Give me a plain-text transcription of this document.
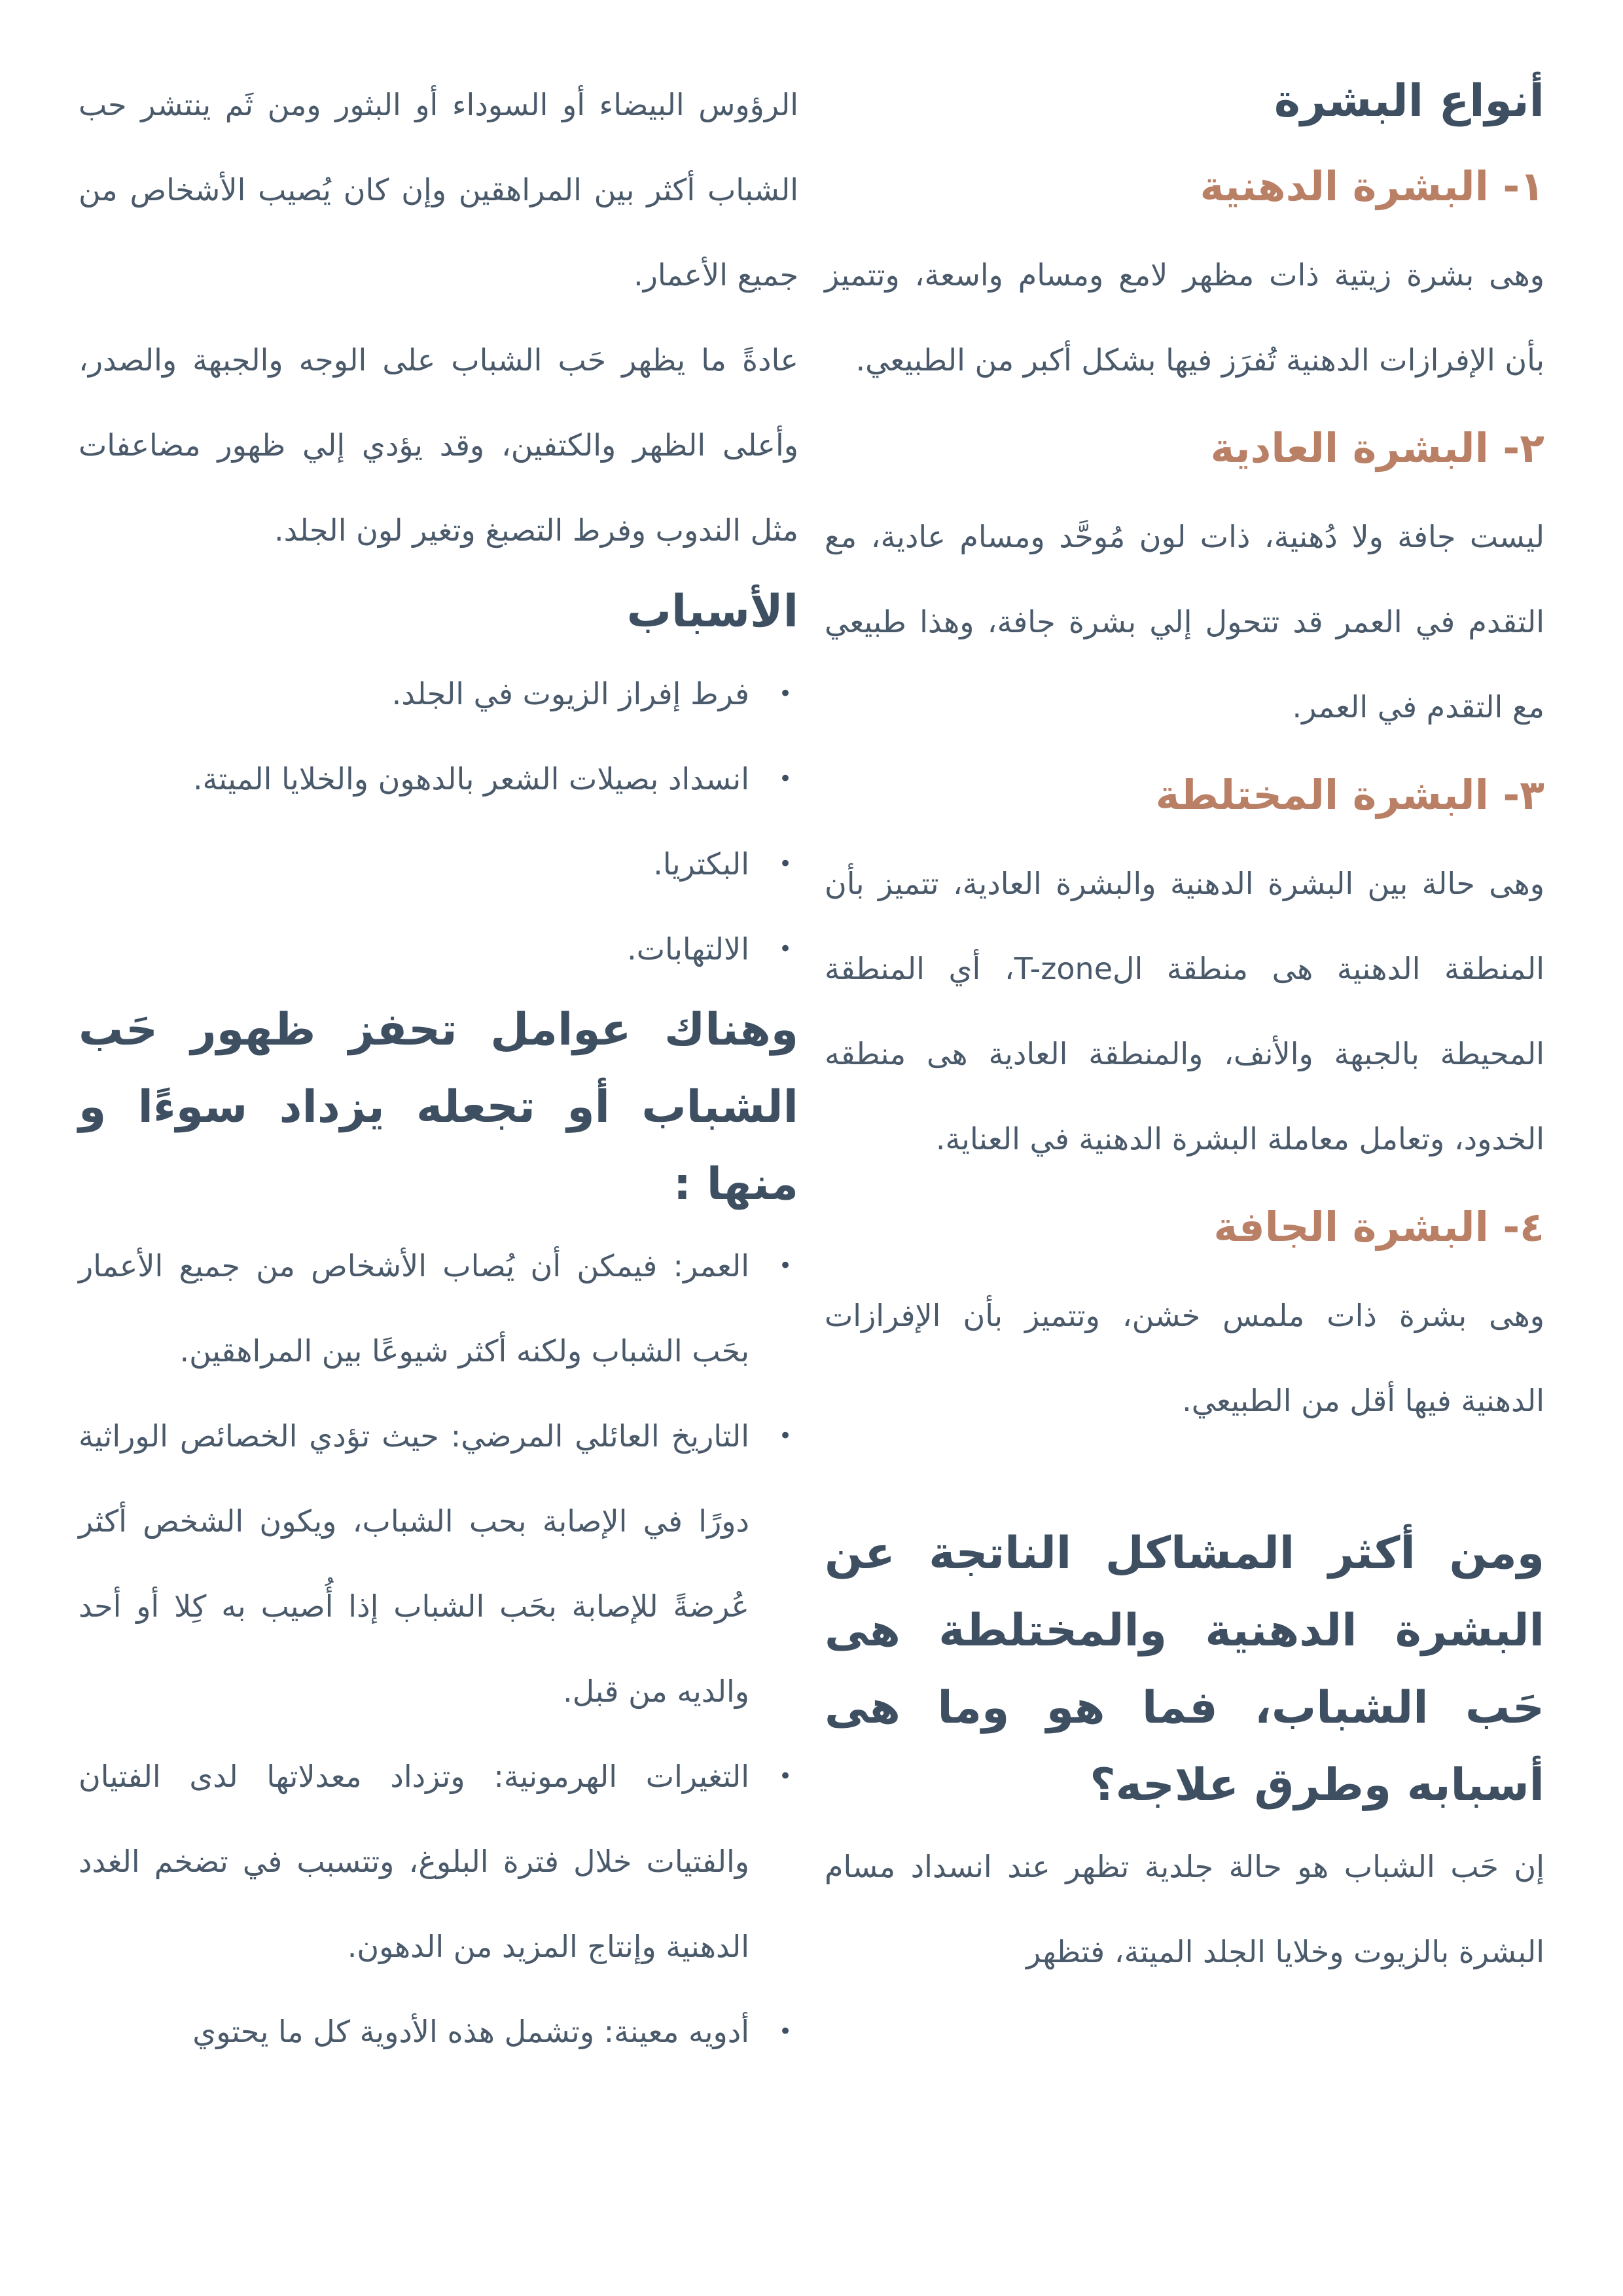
أنواع البشرة
١- البشرة الدهنية

وهى بشرة زيتية ذات مظهر لامع ومسام واسعة، وتتميز بأن الإفرازات الدهنية تُفرَز فيها بشكل أكبر من الطبيعي.

٢- البشرة العادية

ليست جافة ولا دُهنية، ذات لون مُوحَّد ومسام عادية، مع التقدم في العمر قد تتحول إلي بشرة جافة، وهذا طبيعي مع التقدم في العمر.

٣- البشرة المختلطة

وهى حالة بين البشرة الدهنية والبشرة العادية، تتميز بأن المنطقة الدهنية هى منطقة الT-zone، أي المنطقة المحيطة بالجبهة والأنف، والمنطقة العادية هى منطقه الخدود، وتعامل معاملة البشرة الدهنية في العناية.

٤- البشرة الجافة

وهى بشرة ذات ملمس خشن، وتتميز بأن الإفرازات الدهنية فيها أقل من الطبيعي.

ومن أكثر المشاكل الناتجة عن البشرة الدهنية والمختلطة هى حَب الشباب، فما هو وما هى أسبابه وطرق علاجه؟

إن حَب الشباب هو حالة جلدية تظهر عند انسداد مسام البشرة بالزيوت وخلايا الجلد الميتة، فتظهر

الرؤوس البيضاء أو السوداء أو البثور ومن ثَم ينتشر حب الشباب أكثر بين المراهقين وإن كان يُصيب الأشخاص من جميع الأعمار.

عادةً ما يظهر حَب الشباب على الوجه والجبهة والصدر، وأعلى الظهر والكتفين، وقد يؤدي إلي ظهور مضاعفات مثل الندوب وفرط التصبغ وتغير لون الجلد.

الأسباب
• فرط إفراز الزيوت في الجلد.
• انسداد بصيلات الشعر بالدهون والخلايا الميتة.
• البكتريا.
• الالتهابات.
وهناك عوامل تحفز ظهور حَب الشباب أو تجعله يزداد سوءًا و منها :
• العمر: فيمكن أن يُصاب الأشخاص من جميع الأعمار بحَب الشباب ولكنه أكثر شيوعًا بين المراهقين.
• التاريخ العائلي المرضي: حيث تؤدي الخصائص الوراثية دورًا في الإصابة بحب الشباب، ويكون الشخص أكثر عُرضةً للإصابة بحَب الشباب إذا أُصيب به كِلا أو أحد والديه من قبل.
• التغيرات الهرمونية: وتزداد معدلاتها لدى الفتيان والفتيات خلال فترة البلوغ، وتتسبب في تضخم الغدد الدهنية وإنتاج المزيد من الدهون.
• أدويه معينة: وتشمل هذه الأدوية كل ما يحتوي
